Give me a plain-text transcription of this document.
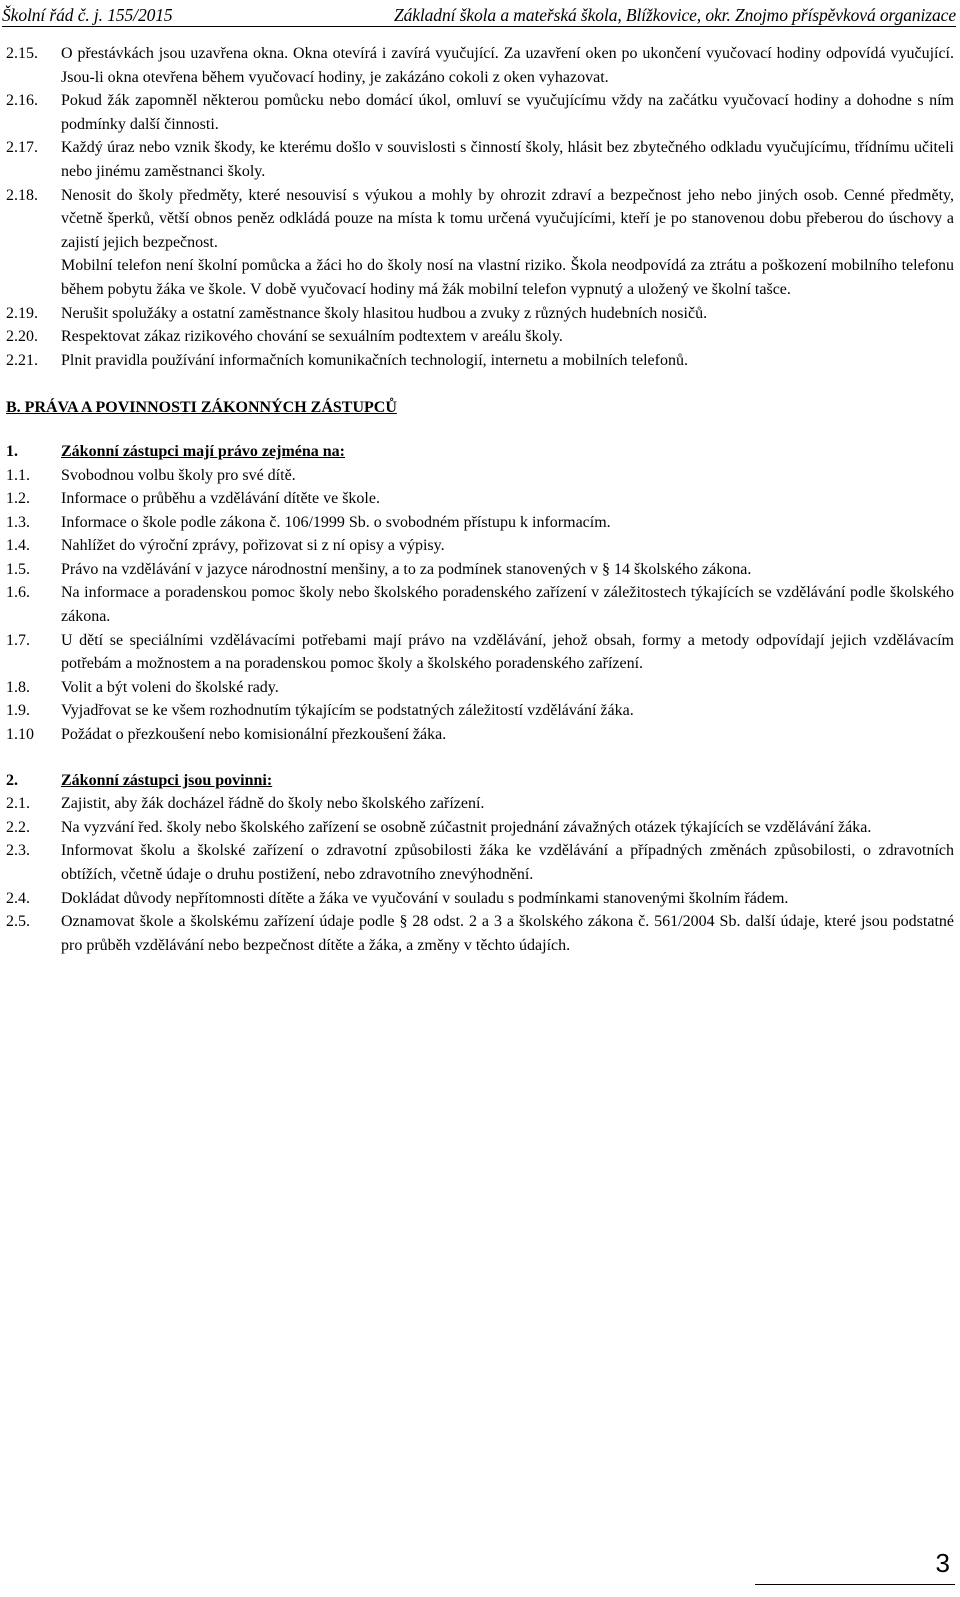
Školní řád č. j. 155/2015	Základní škola a mateřská škola, Blížkovice, okr. Znojmo příspěvková organizace
2.15.	O přestávkách jsou uzavřena okna. Okna otevírá i zavírá vyučující. Za uzavření oken po ukončení vyučovací hodiny odpovídá vyučující. Jsou-li okna otevřena během vyučovací hodiny, je zakázáno cokoli z oken vyhazovat.
2.16.	Pokud žák zapomněl některou pomůcku nebo domácí úkol, omluví se vyučujícímu vždy na začátku vyučovací hodiny a dohodne s ním podmínky další činnosti.
2.17.	Každý úraz nebo vznik škody, ke kterému došlo v souvislosti s činností školy, hlásit bez zbytečného odkladu vyučujícímu, třídnímu učiteli nebo jinému zaměstnanci školy.
2.18.	Nenosit do školy předměty, které nesouvisí s výukou a mohly by ohrozit zdraví a bezpečnost jeho nebo jiných osob. Cenné předměty, včetně šperků, větší obnos peněz odkládá pouze na místa k tomu určená vyučujícími, kteří je po stanovenou dobu přeberou do úschovy a zajistí jejich bezpečnost.
Mobilní telefon není školní pomůcka a žáci ho do školy nosí na vlastní riziko. Škola neodpovídá za ztrátu a poškození mobilního telefonu během pobytu žáka ve škole. V době vyučovací hodiny má žák mobilní telefon vypnutý a uložený ve školní tašce.
2.19.	Nerušit spolužáky a ostatní zaměstnance školy hlasitou hudbou a zvuky z různých hudebních nosičů.
2.20.	Respektovat zákaz rizikového chování se sexuálním podtextem v areálu školy.
2.21.	Plnit pravidla používání informačních komunikačních technologií, internetu a mobilních telefonů.
B. PRÁVA A POVINNOSTI ZÁKONNÝCH ZÁSTUPCŮ
1.	Zákonní zástupci mají právo zejména na:
1.1.	Svobodnou volbu školy pro své dítě.
1.2.	Informace o průběhu a vzdělávání dítěte ve škole.
1.3.	Informace o škole podle zákona č. 106/1999 Sb. o svobodném přístupu k informacím.
1.4.	Nahlížet do výroční zprávy, pořizovat si z ní opisy a výpisy.
1.5.	Právo na vzdělávání v jazyce národnostní menšiny, a to za podmínek stanovených v § 14 školského zákona.
1.6.	Na informace a poradenskou pomoc školy nebo školského poradenského zařízení v záležitostech týkajících se vzdělávání podle školského zákona.
1.7.	U dětí se speciálními vzdělávacími potřebami mají právo na vzdělávání, jehož obsah, formy a metody odpovídají jejich vzdělávacím potřebám a možnostem a na poradenskou pomoc školy a školského poradenského zařízení.
1.8.	Volit a být voleni do školské rady.
1.9.	Vyjadřovat se ke všem rozhodnutím týkajícím se podstatných záležitostí vzdělávání žáka.
1.10	Požádat o přezkoušení nebo komisionální přezkoušení žáka.
2.	Zákonní zástupci jsou povinni:
2.1.	Zajistit, aby žák docházel řádně do školy nebo školského zařízení.
2.2.	Na vyzvání řed. školy nebo školského zařízení se osobně zúčastnit projednání závažných otázek týkajících se vzdělávání žáka.
2.3.	Informovat školu a školské zařízení o zdravotní způsobilosti žáka ke vzdělávání a případných změnách způsobilosti, o zdravotních obtížích, včetně údaje o druhu postižení, nebo zdravotního znevýhodnění.
2.4.	Dokládat důvody nepřítomnosti dítěte a žáka ve vyučování v souladu s podmínkami stanovenými školním řádem.
2.5.	Oznamovat škole a školskému zařízení údaje podle § 28 odst. 2 a 3 a školského zákona č. 561/2004 Sb. další údaje, které jsou podstatné pro průběh vzdělávání nebo bezpečnost dítěte a žáka, a změny v těchto údajích.
3
